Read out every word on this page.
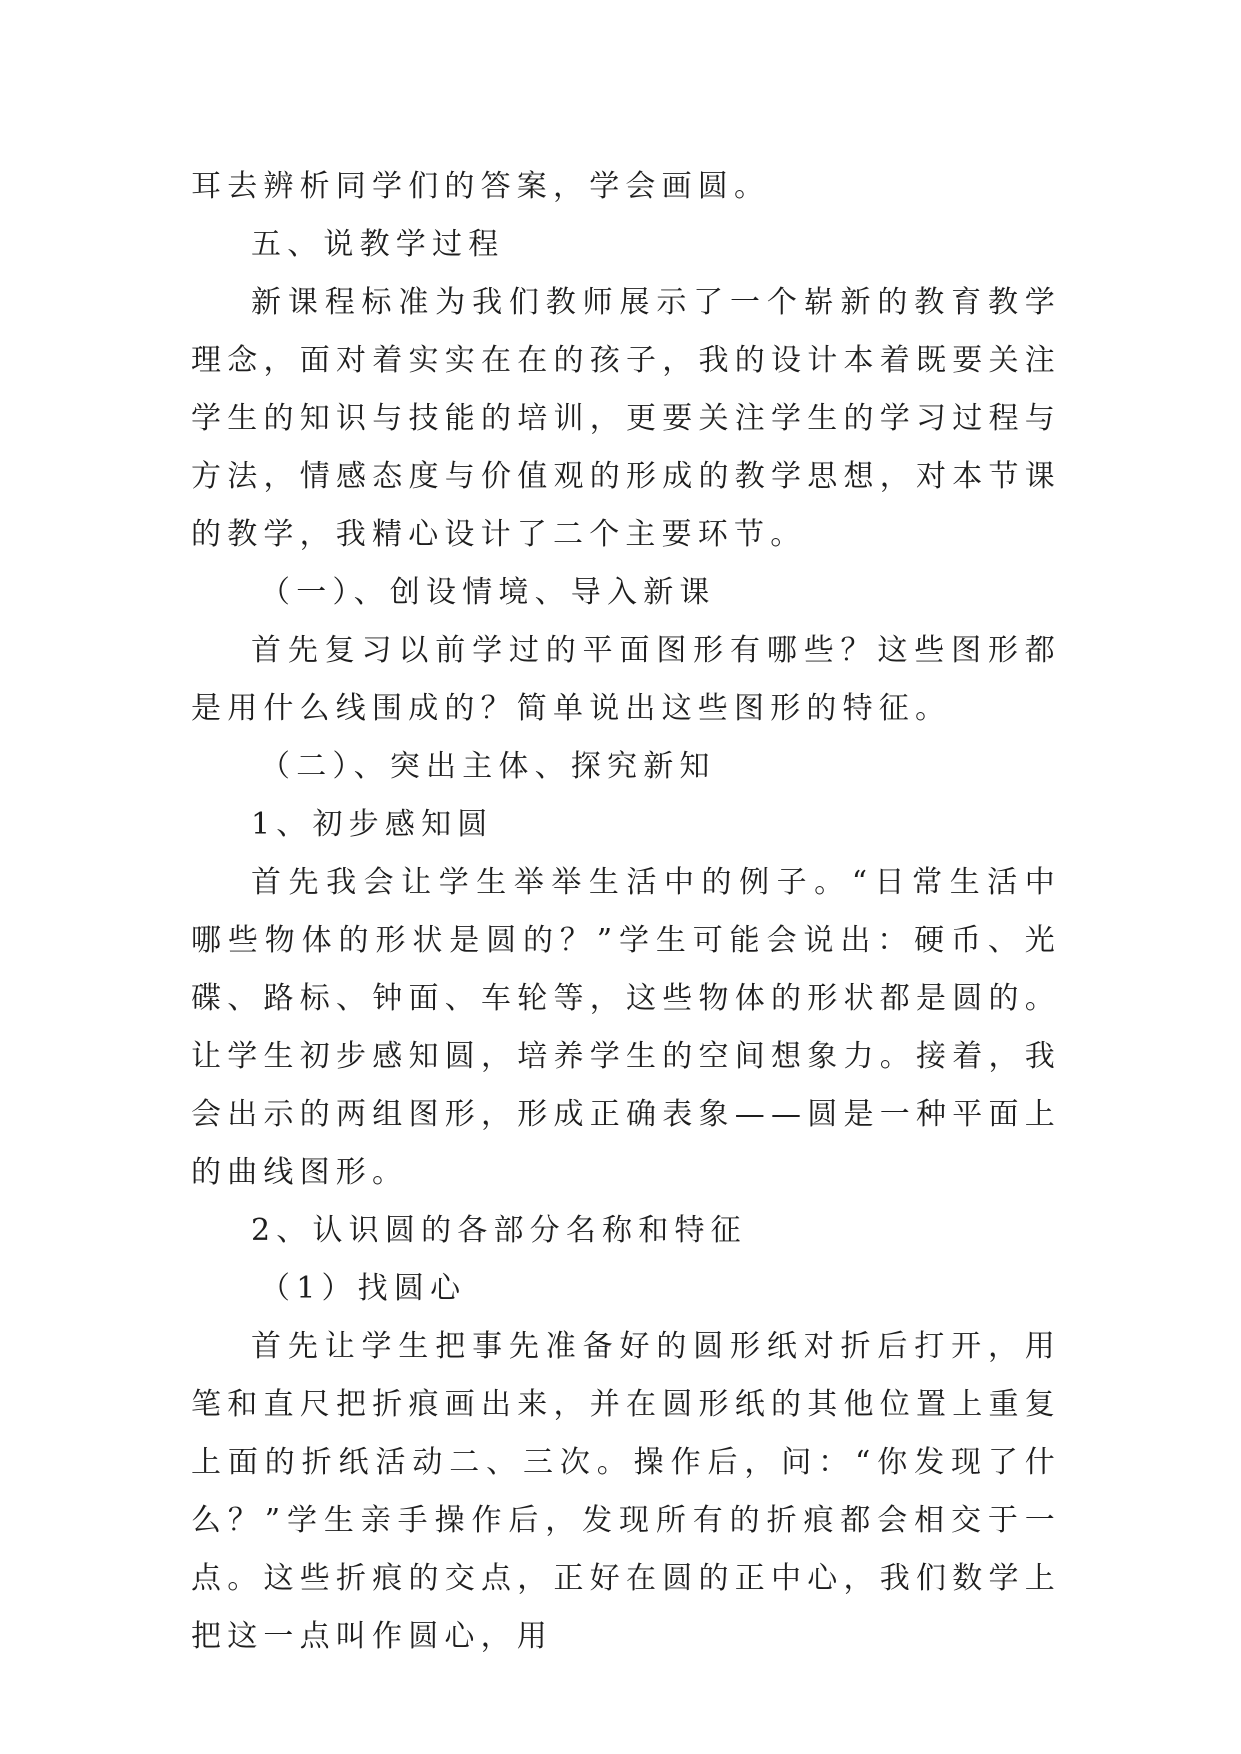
耳去辨析同学们的答案，学会画圆。

五、说教学过程

新课程标准为我们教师展示了一个崭新的教育教学理念，面对着实实在在的孩子，我的设计本着既要关注学生的知识与技能的培训，更要关注学生的学习过程与方法，情感态度与价值观的形成的教学思想，对本节课的教学，我精心设计了二个主要环节。

（一）、创设情境、导入新课

首先复习以前学过的平面图形有哪些？这些图形都是用什么线围成的？简单说出这些图形的特征。

（二）、突出主体、探究新知

1、初步感知圆

首先我会让学生举举生活中的例子。“日常生活中哪些物体的形状是圆的？”学生可能会说出：硬币、光碟、路标、钟面、车轮等，这些物体的形状都是圆的。让学生初步感知圆，培养学生的空间想象力。接着，我会出示的两组图形，形成正确表象——圆是一种平面上的曲线图形。

2、认识圆的各部分名称和特征

（1）找圆心

首先让学生把事先准备好的圆形纸对折后打开，用笔和直尺把折痕画出来，并在圆形纸的其他位置上重复上面的折纸活动二、三次。操作后，问：“你发现了什么？”学生亲手操作后，发现所有的折痕都会相交于一点。这些折痕的交点，正好在圆的正中心，我们数学上把这一点叫作圆心，用
